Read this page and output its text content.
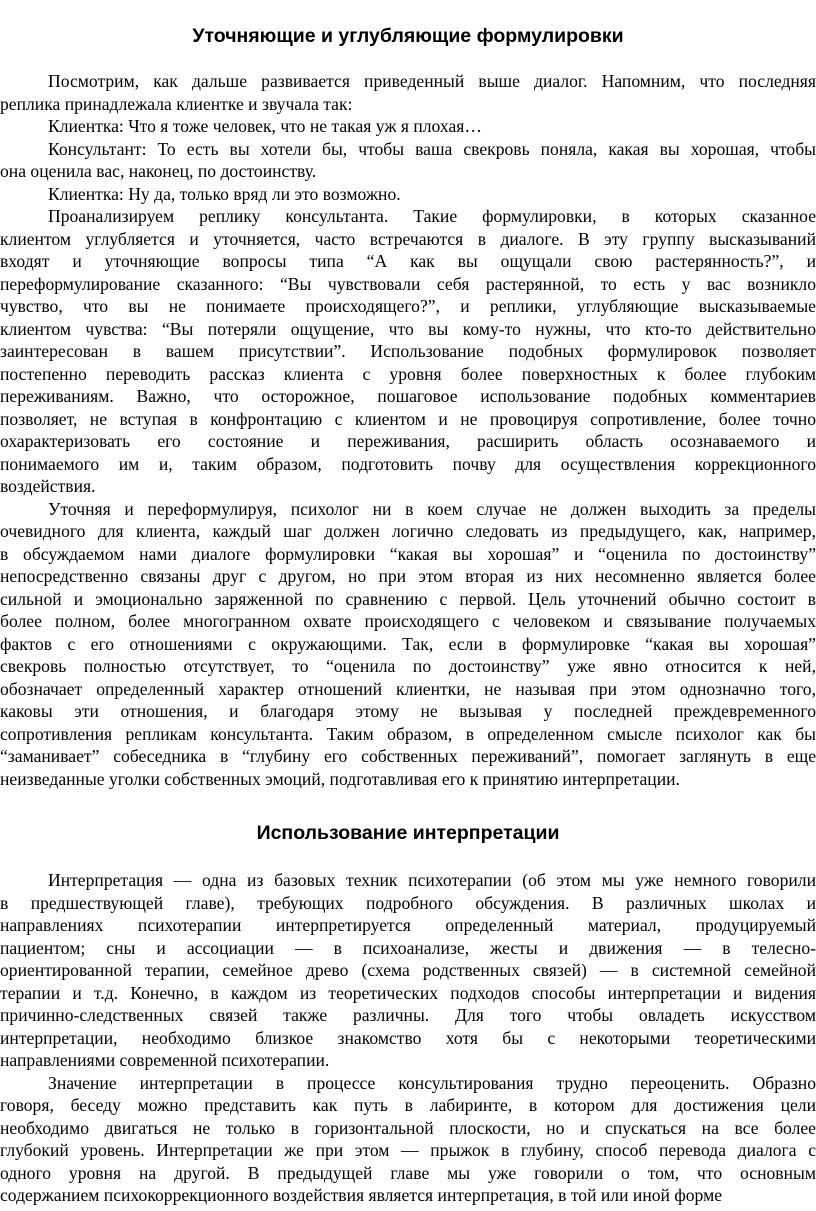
Уточняющие и углубляющие формулировки

Посмотрим, как дальше развивается приведенный выше диалог. Напомним, что последняя
реплика принадлежала клиентке и звучала так:

Клиентка: Что я тоже человек, что не такая уж я плохая…

Консультант: То есть вы хотели бы, чтобы ваша свекровь поняла, какая вы хорошая, чтобы
она оценила вас, наконец, по достоинству.

Клиентка: Ну да, только вряд ли это возможно.

Проанализируем реплику консультанта. Такие формулировки, в которых сказанное
клиентом углубляется и уточняется, часто встречаются в диалоге. В эту группу высказываний
входят и уточняющие вопросы типа “А как вы ощущали свою растерянность?”, и
переформулирование сказанного: “Вы чувствовали себя растерянной, то есть у вас возникло
чувство, что вы не понимаете происходящего?”, и реплики, углубляющие высказываемые
клиентом чувства: “Вы потеряли ощущение, что вы кому-то нужны, что кто-то действительно
заинтересован в вашем присутствии”. Использование подобных формулировок позволяет
постепенно переводить рассказ клиента с уровня более поверхностных к более глубоким
переживаниям. Важно, что осторожное, пошаговое использование подобных комментариев
позволяет, не вступая в конфронтацию с клиентом и не провоцируя сопротивление, более точно
охарактеризовать его состояние и переживания, расширить область осознаваемого и
понимаемого им и, таким образом, подготовить почву для осуществления коррекционного
воздействия.

Уточняя и переформулируя, психолог ни в коем случае не должен выходить за пределы
очевидного для клиента, каждый шаг должен логично следовать из предыдущего, как, например,
в обсуждаемом нами диалоге формулировки “какая вы хорошая” и “оценила по достоинству”
непосредственно связаны друг с другом, но при этом вторая из них несомненно является более
сильной и эмоционально заряженной по сравнению с первой. Цель уточнений обычно состоит в
более полном, более многогранном охвате происходящего с человеком и связывание получаемых
фактов с его отношениями с окружающими. Так, если в формулировке “какая вы хорошая”
свекровь полностью отсутствует, то “оценила по достоинству” уже явно относится к ней,
обозначает определенный характер отношений клиентки, не называя при этом однозначно того,
каковы эти отношения, и благодаря этому не вызывая у последней преждевременного
сопротивления репликам консультанта. Таким образом, в определенном смысле психолог как бы
“заманивает” собеседника в “глубину его собственных переживаний”, помогает заглянуть в еще
неизведанные уголки собственных эмоций, подготавливая его к принятию интерпретации.

Использование интерпретации

Интерпретация — одна из базовых техник психотерапии (об этом мы уже немного говорили
в предшествующей главе), требующих подробного обсуждения. В различных школах и
направлениях психотерапии интерпретируется определенный материал, продуцируемый
пациентом; сны и ассоциации — в психоанализе, жесты и движения — в телесно-
ориентированной терапии, семейное древо (схема родственных связей) — в системной семейной
терапии и т.д. Конечно, в каждом из теоретических подходов способы интерпретации и видения
причинно-следственных связей также различны. Для того чтобы овладеть искусством
интерпретации, необходимо близкое знакомство хотя бы с некоторыми теоретическими
направлениями современной психотерапии.

Значение интерпретации в процессе консультирования трудно переоценить. Образно
говоря, беседу можно представить как путь в лабиринте, в котором для достижения цели
необходимо двигаться не только в горизонтальной плоскости, но и спускаться на все более
глубокий уровень. Интерпретации же при этом — прыжок в глубину, способ перевода диалога с
одного уровня на другой. В предыдущей главе мы уже говорили о том, что основным
содержанием психокоррекционного воздействия является интерпретация, в той или иной форме
